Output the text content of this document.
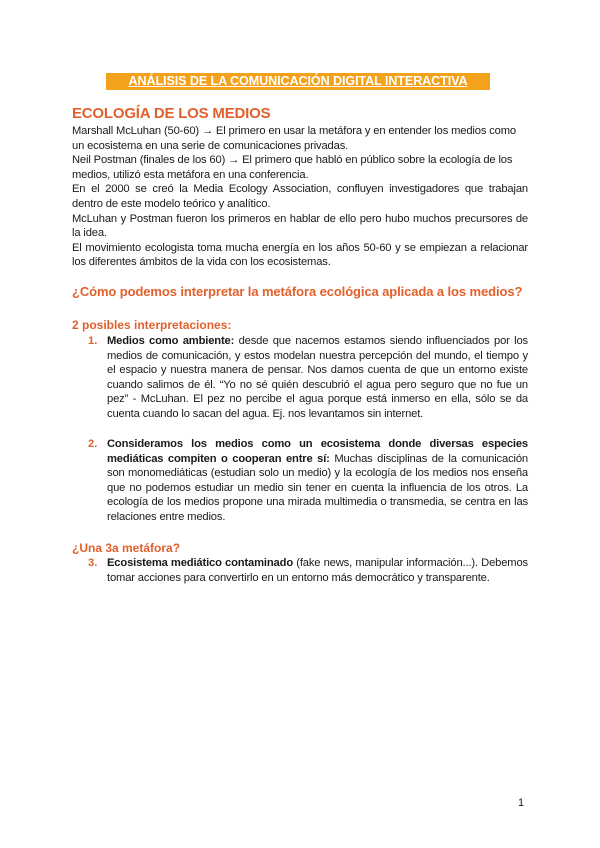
ANÁLISIS DE LA COMUNICACIÓN DIGITAL INTERACTIVA
ECOLOGÍA DE LOS MEDIOS

Marshall McLuhan (50-60) → El primero en usar la metáfora y en entender los medios como un ecosistema en una serie de comunicaciones privadas.

Neil Postman (finales de los 60) → El primero que habló en público sobre la ecología de los medios, utilizó esta metáfora en una conferencia.

En el 2000 se creó la Media Ecology Association, confluyen investigadores que trabajan dentro de este modelo teórico y analítico.

McLuhan y Postman fueron los primeros en hablar de ello pero hubo muchos precursores de la idea.

El movimiento ecologista toma mucha energía en los años 50-60 y se empiezan a relacionar los diferentes ámbitos de la vida con los ecosistemas.

¿Cómo podemos interpretar la metáfora ecológica aplicada a los medios?
2 posibles interpretaciones:
1. Medios como ambiente: desde que nacemos estamos siendo influenciados por los medios de comunicación, y estos modelan nuestra percepción del mundo, el tiempo y el espacio y nuestra manera de pensar. Nos damos cuenta de que un entorno existe cuando salimos de él. “Yo no sé quién descubrió el agua pero seguro que no fue un pez” - McLuhan. El pez no percibe el agua porque está inmerso en ella, sólo se da cuenta cuando lo sacan del agua. Ej. nos levantamos sin internet.
2. Consideramos los medios como un ecosistema donde diversas especies mediáticas compiten o cooperan entre sí: Muchas disciplinas de la comunicación son monomediáticas (estudian solo un medio) y la ecología de los medios nos enseña que no podemos estudiar un medio sin tener en cuenta la influencia de los otros. La ecología de los medios propone una mirada multimedia o transmedia, se centra en las relaciones entre medios.
¿Una 3a metáfora?
3. Ecosistema mediático contaminado (fake news, manipular información...). Debemos tomar acciones para convertirlo en un entorno más democrático y transparente.
1
